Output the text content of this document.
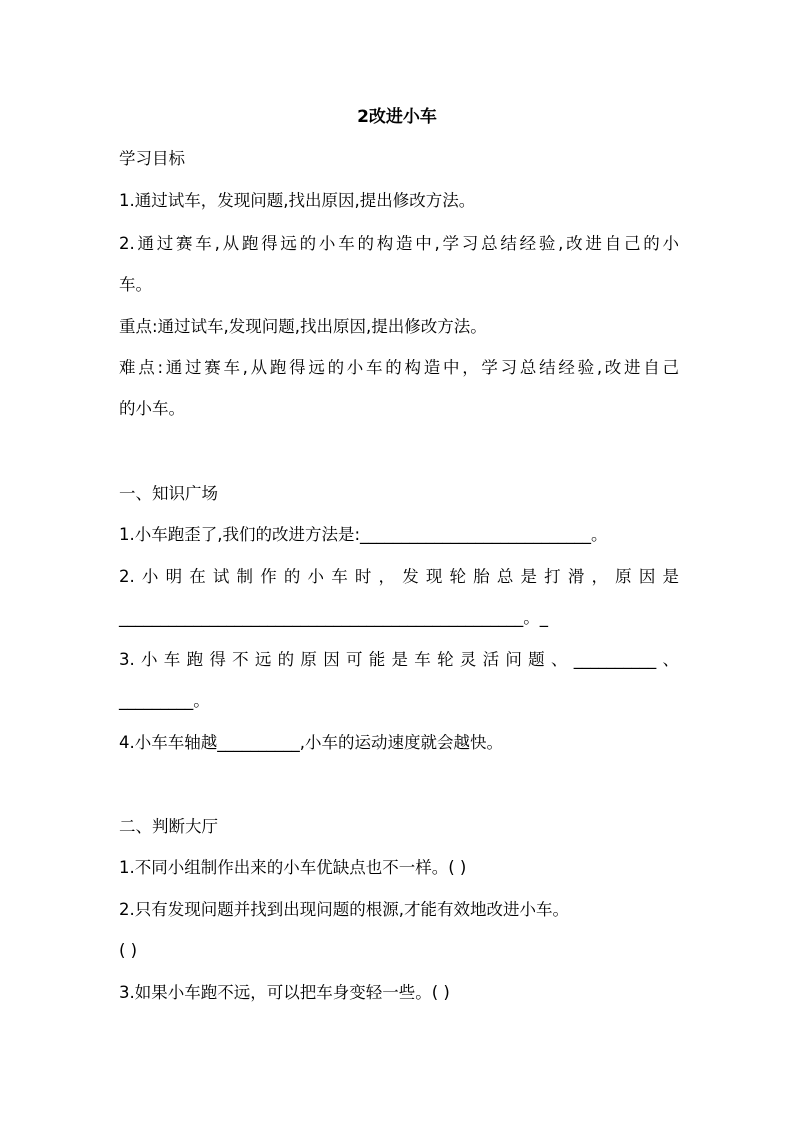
2改进小车
学习目标
1.通过试车，发现问题,找出原因,提出修改方法。
2.通过赛车,从跑得远的小车的构造中,学习总结经验,改进自己的小
车。
重点:通过试车,发现问题,找出原因,提出修改方法。
难点:通过赛车,从跑得远的小车的构造中，学习总结经验,改进自己
的小车。
一、知识广场
1.小车跑歪了,我们的改进方法是:____________________________。
2.小明在试制作的小车时，发现轮胎总是打滑，原因是
_________________________________________________。_
3.小车跑得不远的原因可能是车轮灵活问题、__________、
_________。
4.小车车轴越__________,小车的运动速度就会越快。
二、判断大厅
1.不同小组制作出来的小车优缺点也不一样。( )
2.只有发现问题并找到出现问题的根源,才能有效地改进小车。
( )
3.如果小车跑不远，可以把车身变轻一些。( )
